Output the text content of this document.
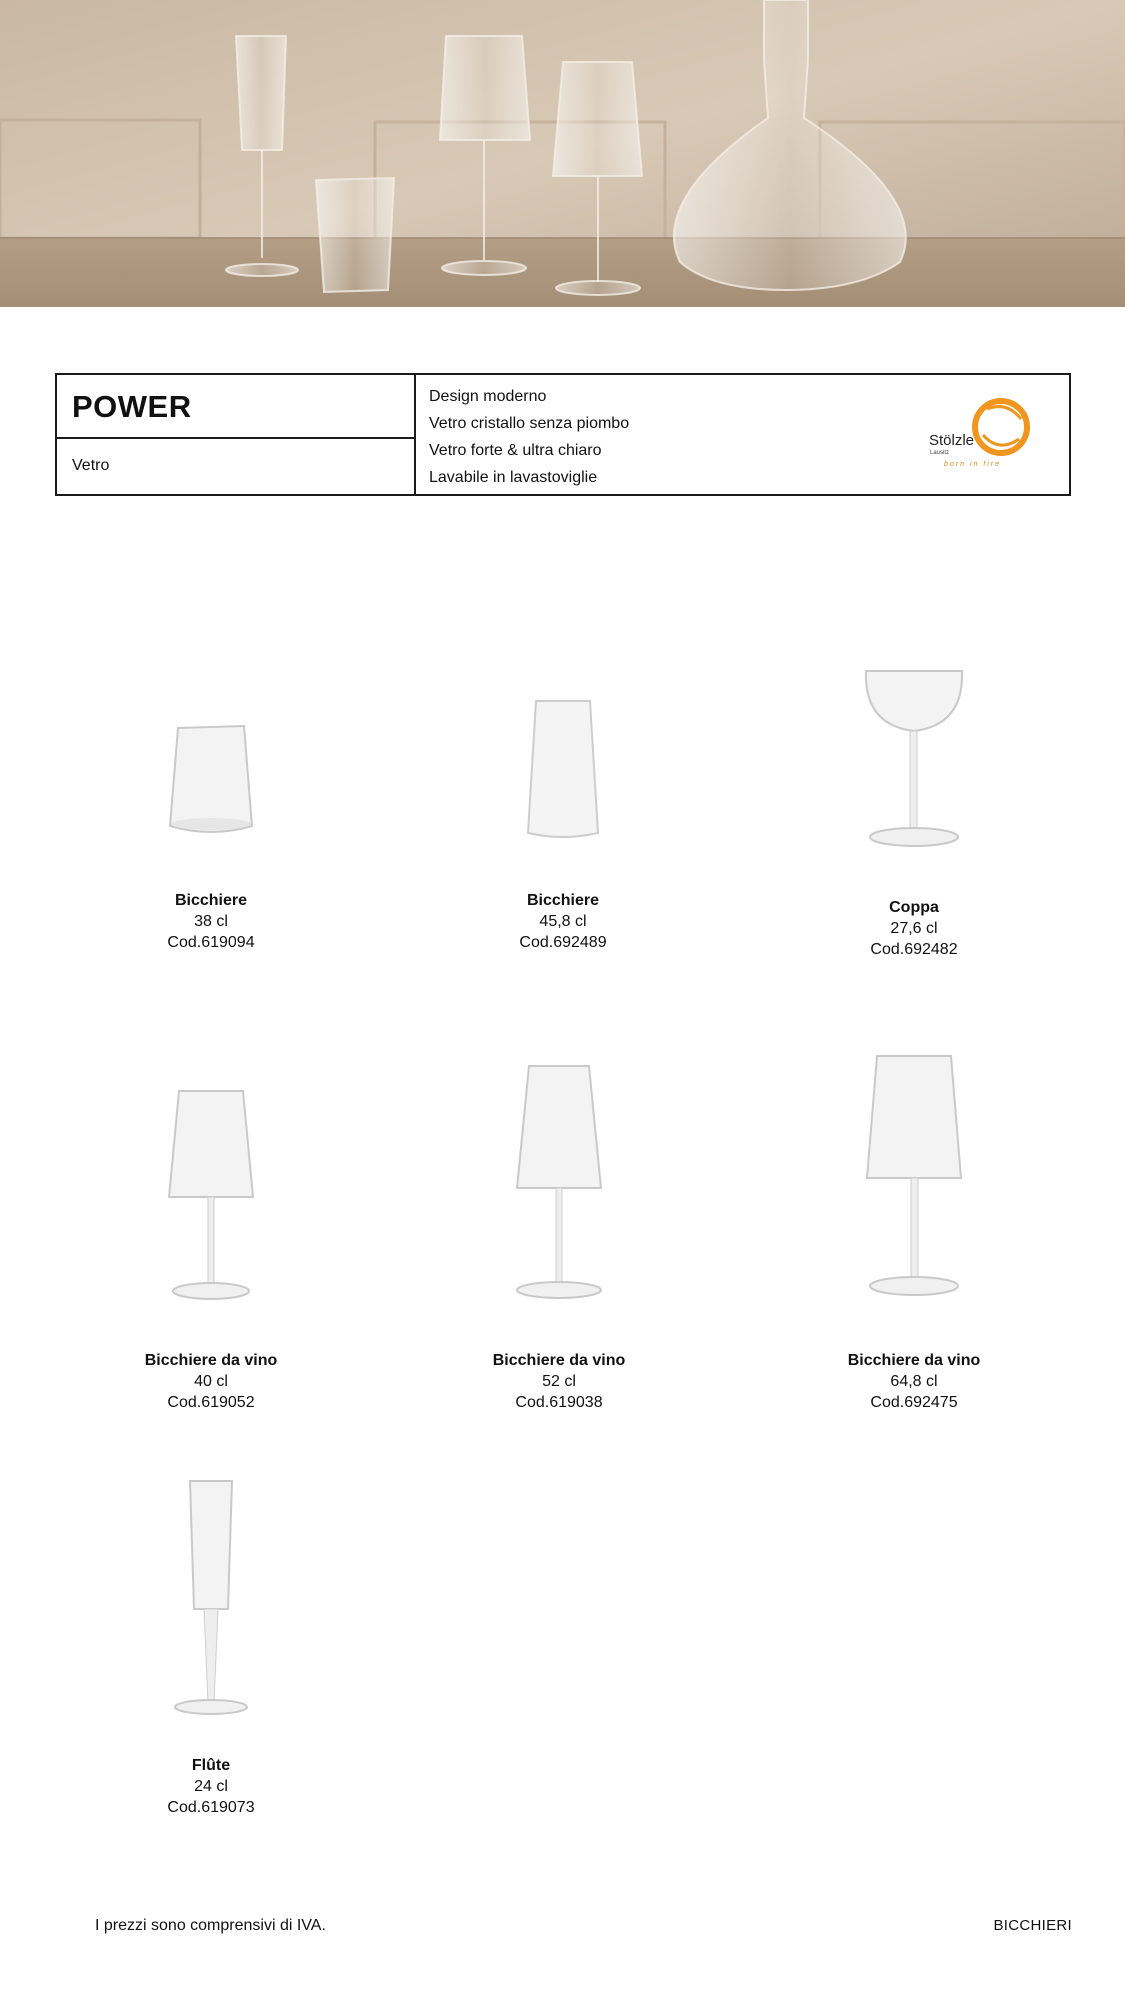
POWER
Vetro
Design moderno
Vetro cristallo senza piombo
Vetro forte & ultra chiaro
Lavabile in lavastoviglie
Stölzle
Lausitz
born in fire
Bicchiere
38 cl
Cod.619094
Bicchiere
45,8 cl
Cod.692489
Coppa
27,6 cl
Cod.692482
Bicchiere da vino
40 cl
Cod.619052
Bicchiere da vino
52 cl
Cod.619038
Bicchiere da vino
64,8 cl
Cod.692475
Flûte
24 cl
Cod.619073
I prezzi sono comprensivi di IVA.	BICCHIERI
